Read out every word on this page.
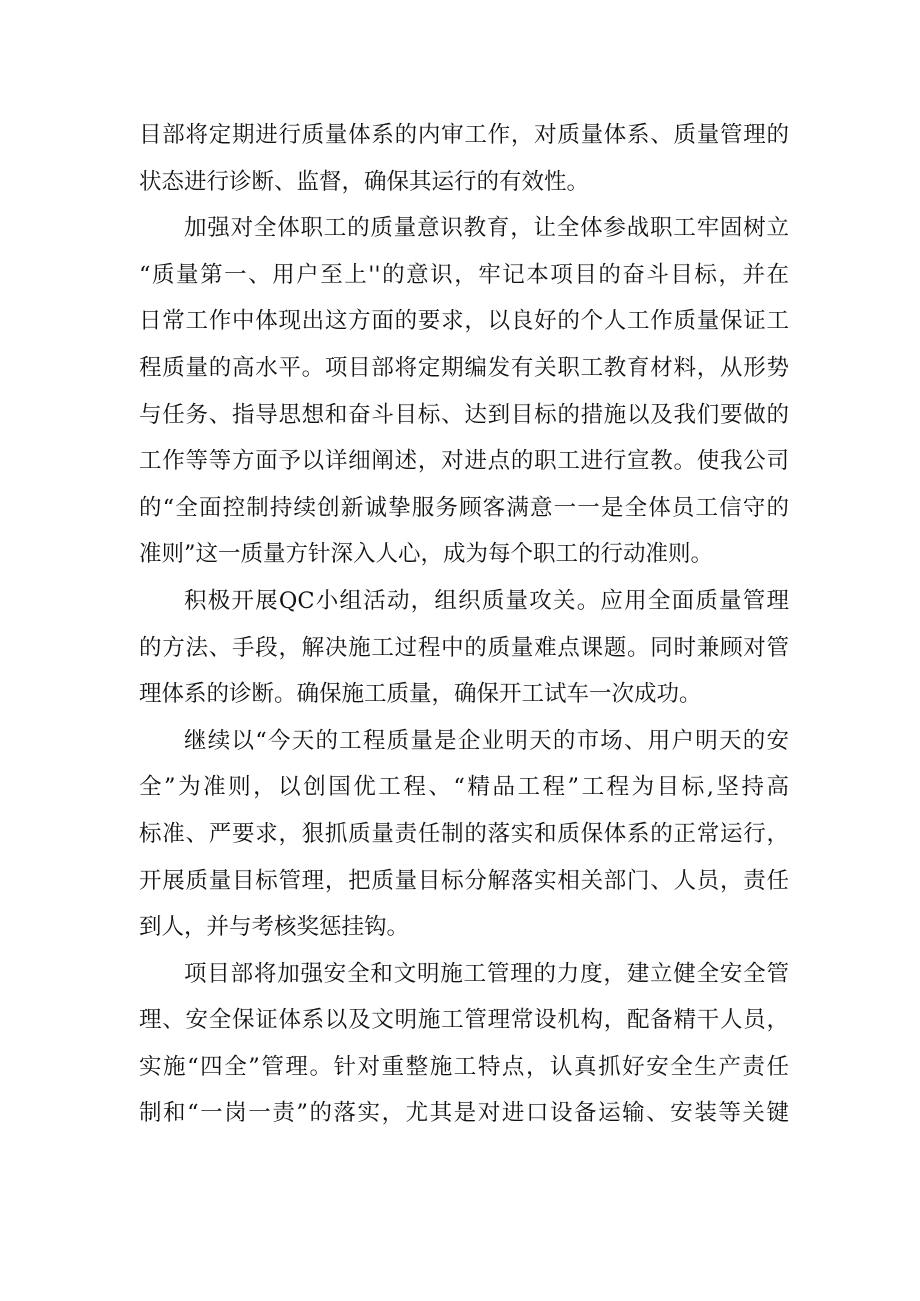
目部将定期进行质量体系的内审工作，对质量体系、质量管理的
状态进行诊断、监督，确保其运行的有效性。
加强对全体职工的质量意识教育，让全体参战职工牢固树立
“质量第一、用户至上''的意识，牢记本项目的奋斗目标，并在
日常工作中体现出这方面的要求，以良好的个人工作质量保证工
程质量的高水平。项目部将定期编发有关职工教育材料，从形势
与任务、指导思想和奋斗目标、达到目标的措施以及我们要做的
工作等等方面予以详细阐述，对进点的职工进行宣教。使我公司
的“全面控制持续创新诚挚服务顾客满意一一是全体员工信守的
准则”这一质量方针深入人心，成为每个职工的行动准则。
积极开展QC小组活动，组织质量攻关。应用全面质量管理
的方法、手段，解决施工过程中的质量难点课题。同时兼顾对管
理体系的诊断。确保施工质量，确保开工试车一次成功。
继续以“今天的工程质量是企业明天的市场、用户明天的安
全”为准则，以创国优工程、“精品工程”工程为目标,坚持高
标准、严要求，狠抓质量责任制的落实和质保体系的正常运行，
开展质量目标管理，把质量目标分解落实相关部门、人员，责任
到人，并与考核奖惩挂钩。
项目部将加强安全和文明施工管理的力度，建立健全安全管
理、安全保证体系以及文明施工管理常设机构，配备精干人员，
实施“四全”管理。针对重整施工特点，认真抓好安全生产责任
制和“一岗一责”的落实，尤其是对进口设备运输、安装等关键
